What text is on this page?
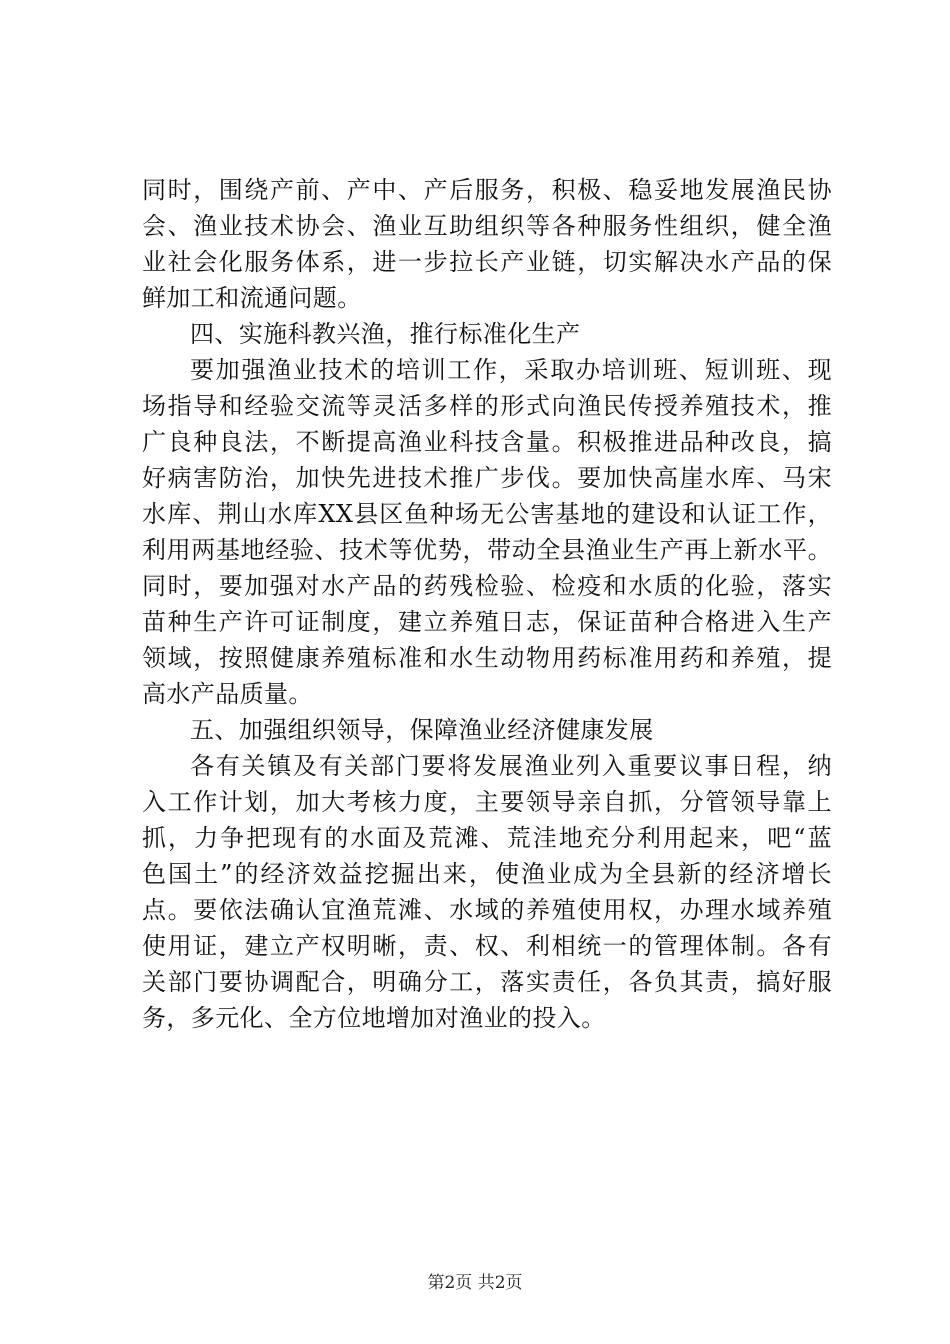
同时，围绕产前、产中、产后服务，积极、稳妥地发展渔民协
会、渔业技术协会、渔业互助组织等各种服务性组织，健全渔
业社会化服务体系，进一步拉长产业链，切实解决水产品的保
鲜加工和流通问题。
四、实施科教兴渔，推行标准化生产
要加强渔业技术的培训工作，采取办培训班、短训班、现
场指导和经验交流等灵活多样的形式向渔民传授养殖技术，推
广良种良法，不断提高渔业科技含量。积极推进品种改良，搞
好病害防治，加快先进技术推广步伐。要加快高崖水库、马宋
水库、荆山水库XX县区鱼种场无公害基地的建设和认证工作，
利用两基地经验、技术等优势，带动全县渔业生产再上新水平。
同时，要加强对水产品的药残检验、检疫和水质的化验，落实
苗种生产许可证制度，建立养殖日志，保证苗种合格进入生产
领域，按照健康养殖标准和水生动物用药标准用药和养殖，提
高水产品质量。
五、加强组织领导，保障渔业经济健康发展
各有关镇及有关部门要将发展渔业列入重要议事日程，纳
入工作计划，加大考核力度，主要领导亲自抓，分管领导靠上
抓，力争把现有的水面及荒滩、荒洼地充分利用起来，吧“蓝
色国土”的经济效益挖掘出来，使渔业成为全县新的经济增长
点。要依法确认宜渔荒滩、水域的养殖使用权，办理水域养殖
使用证，建立产权明晰，责、权、利相统一的管理体制。各有
关部门要协调配合，明确分工，落实责任，各负其责，搞好服
务，多元化、全方位地增加对渔业的投入。
第2页 共2页
